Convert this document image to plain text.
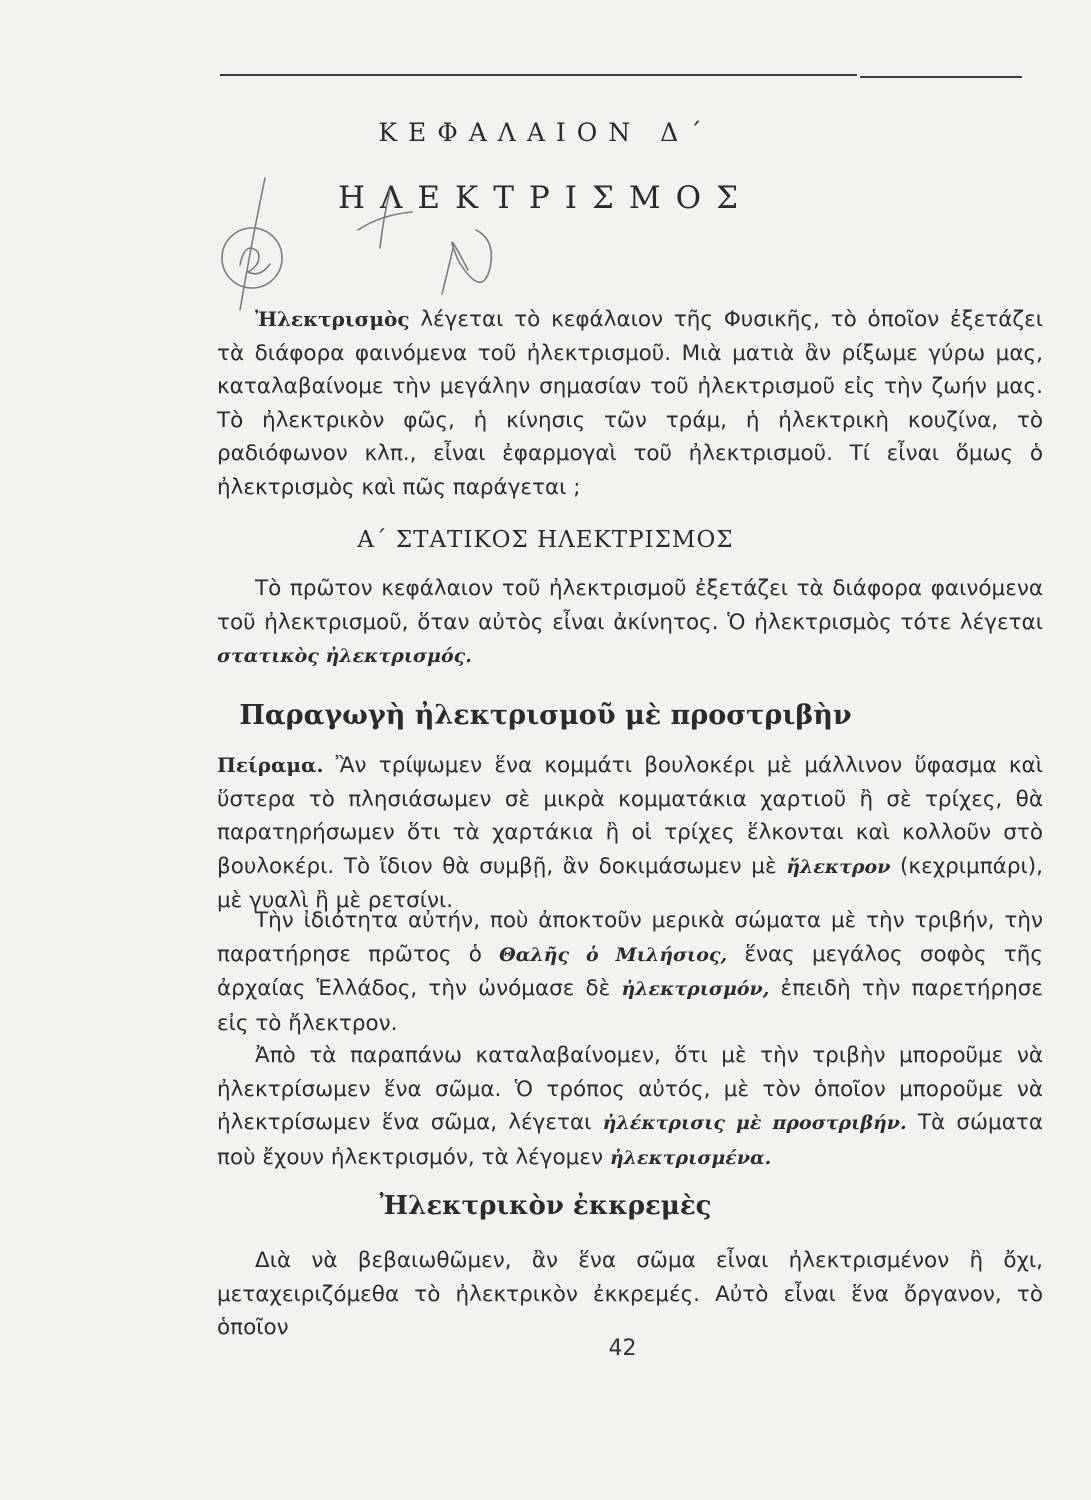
ΚΕΦΑΛΑΙΟΝ Δ΄
ΗΛΕΚΤΡΙΣΜΟΣ

Ἠλεκτρισμὸς λέγεται τὸ κεφάλαιον τῆς Φυσικῆς, τὸ ὁποῖον ἐξετάζει τὰ διάφορα φαινόμενα τοῦ ἠλεκτρισμοῦ. Μιὰ ματιὰ ἂν ρίξωμε γύρω μας, καταλαβαίνομε τὴν μεγάλην σημασίαν τοῦ ἠλεκτρισμοῦ εἰς τὴν ζωήν μας. Τὸ ἠλεκτρικὸν φῶς, ἡ κίνησις τῶν τράμ, ἡ ἠλεκτρικὴ κουζίνα, τὸ ραδιόφωνον κλπ., εἶναι ἐφαρμογαὶ τοῦ ἠλεκτρισμοῦ. Τί εἶναι ὅμως ὁ ἠλεκτρισμὸς καὶ πῶς παράγεται ;

Α΄ ΣΤΑΤΙΚΟΣ ΗΛΕΚΤΡΙΣΜΟΣ

Τὸ πρῶτον κεφάλαιον τοῦ ἠλεκτρισμοῦ ἐξετάζει τὰ διάφορα φαινόμενα τοῦ ἠλεκτρισμοῦ, ὅταν αὐτὸς εἶναι ἀκίνητος. Ὁ ἠλεκτρισμὸς τότε λέγεται στατικὸς ἠλεκτρισμός.

Παραγωγὴ ἠλεκτρισμοῦ μὲ προστριβὴν

Πείραμα. Ἂν τρίψωμεν ἕνα κομμάτι βουλοκέρι μὲ μάλλινον ὕφασμα καὶ ὕστερα τὸ πλησιάσωμεν σὲ μικρὰ κομματάκια χαρτιοῦ ἢ σὲ τρίχες, θὰ παρατηρήσωμεν ὅτι τὰ χαρτάκια ἢ οἱ τρίχες ἕλκονται καὶ κολλοῦν στὸ βουλοκέρι. Τὸ ἴδιον θὰ συμβῇ, ἂν δοκιμάσωμεν μὲ ἤλεκτρον (κεχριμπάρι), μὲ γυαλὶ ἢ μὲ ρετσίνι.

Τὴν ἰδιότητα αὐτήν, ποὺ ἀποκτοῦν μερικὰ σώματα μὲ τὴν τριβήν, τὴν παρατήρησε πρῶτος ὁ Θαλῆς ὁ Μιλήσιος, ἕνας μεγάλος σοφὸς τῆς ἀρχαίας Ἑλλάδος, τὴν ὠνόμασε δὲ ἠλεκτρισμόν, ἐπειδὴ τὴν παρετήρησε εἰς τὸ ἤλεκτρον.

Ἀπὸ τὰ παραπάνω καταλαβαίνομεν, ὅτι μὲ τὴν τριβὴν μποροῦμε νὰ ἠλεκτρίσωμεν ἕνα σῶμα. Ὁ τρόπος αὐτός, μὲ τὸν ὁποῖον μποροῦμε νὰ ἠλεκτρίσωμεν ἕνα σῶμα, λέγεται ἠλέκτρισις μὲ προστριβήν. Τὰ σώματα ποὺ ἔχουν ἠλεκτρισμόν, τὰ λέγομεν ἠλεκτρισμένα.

Ἠλεκτρικὸν ἐκκρεμὲς

Διὰ νὰ βεβαιωθῶμεν, ἂν ἕνα σῶμα εἶναι ἠλεκτρισμένον ἢ ὄχι, μεταχειριζόμεθα τὸ ἠλεκτρικὸν ἐκκρεμές. Αὐτὸ εἶναι ἕνα ὄργανον, τὸ ὁποῖον

42
